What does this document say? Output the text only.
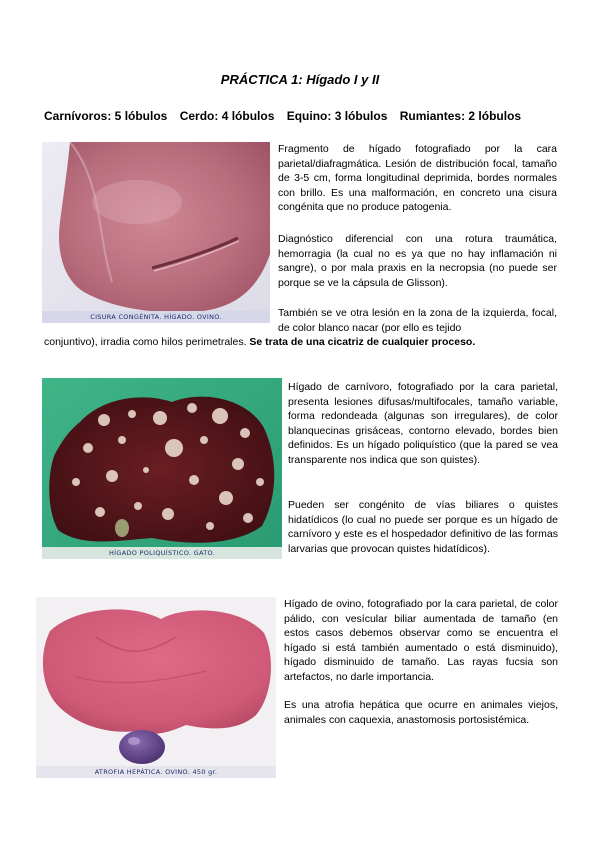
PRÁCTICA 1: Hígado I y II
Carnívoros: 5 lóbulos Cerdo: 4 lóbulos Equino: 3 lóbulos Rumiantes: 2 lóbulos
CISURA CONGÉNITA. HÍGADO. OVINO.
Fragmento de hígado fotografiado por la cara parietal/diafragmática. Lesión de distribución focal, tamaño de 3-5 cm, forma longitudinal deprimida, bordes normales con brillo. Es una malformación, en concreto una cisura congénita que no produce patogenia.
Diagnóstico diferencial con una rotura traumática, hemorragia (la cual no es ya que no hay inflamación ni sangre), o por mala praxis en la necropsia (no puede ser porque se ve la cápsula de Glisson).
También se ve otra lesión en la zona de la izquierda, focal, de color blanco nacar (por ello es tejido
conjuntivo), irradia como hilos perimetrales. Se trata de una cicatriz de cualquier proceso.
HÍGADO POLIQUÍSTICO. GATO.
Hígado de carnívoro, fotografiado por la cara parietal, presenta lesiones difusas/multifocales, tamaño variable, forma redondeada (algunas son irregulares), de color blanquecinas grisáceas, contorno elevado, bordes bien definidos. Es un hígado poliquístico (que la pared se vea transparente nos indica que son quistes).
Pueden ser congénito de vías biliares o quistes hidatídicos (lo cual no puede ser porque es un hígado de carnívoro y este es el hospedador definitivo de las formas larvarias que provocan quistes hidatídicos).
ATROFIA HEPÁTICA. OVINO. 450 gr.
Hígado de ovino, fotografiado por la cara parietal, de color pálido, con vesícular biliar aumentada de tamaño (en estos casos debemos observar como se encuentra el hígado si está también aumentado o está disminuido), hígado disminuido de tamaño. Las rayas fucsia son artefactos, no darle importancia.
Es una atrofia hepática que ocurre en animales viejos, animales con caquexia, anastomosis portosistémica.
